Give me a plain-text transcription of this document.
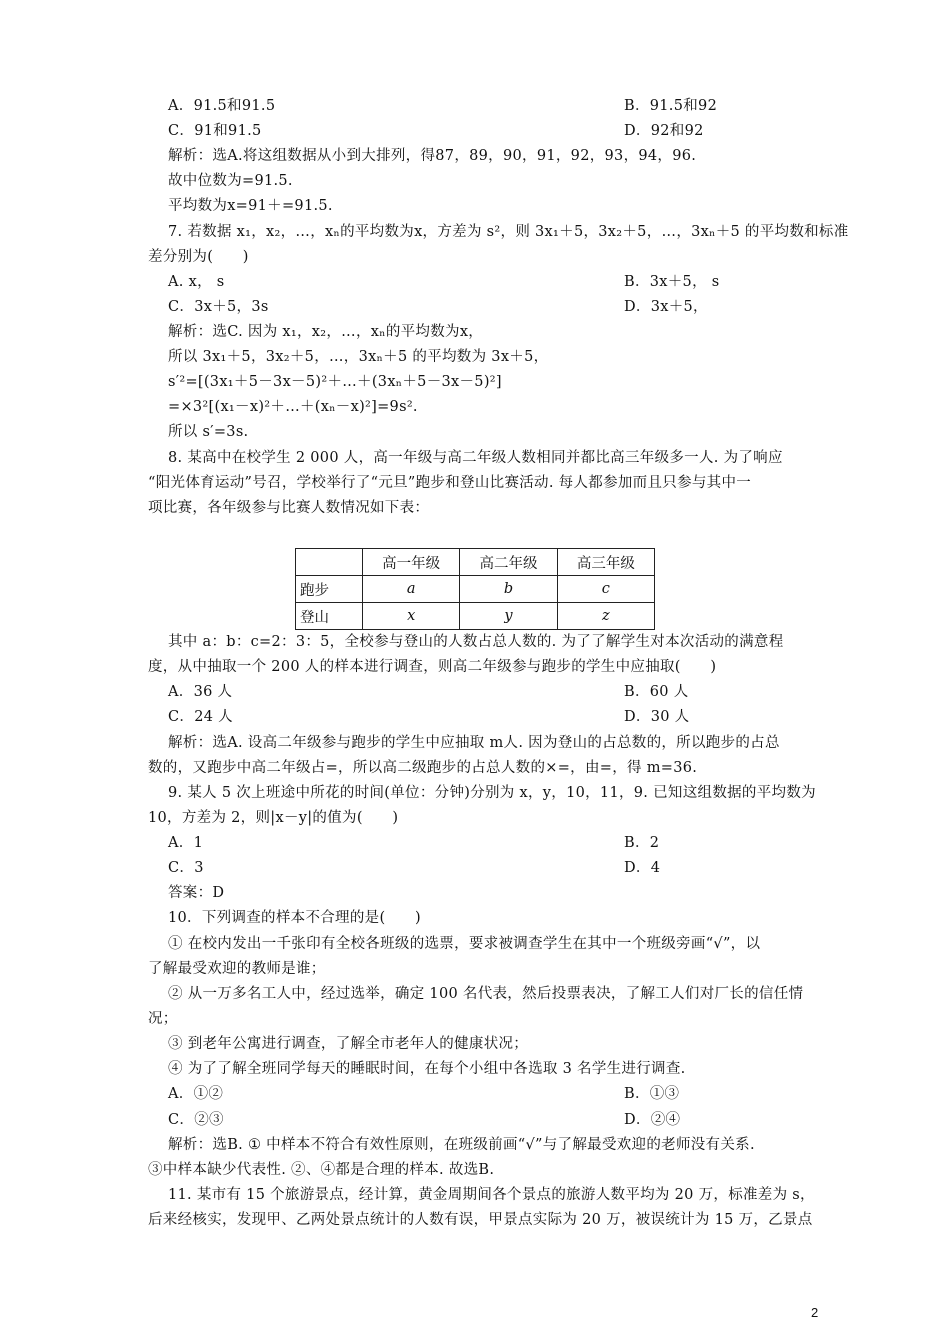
A．91.5和91.5	B．91.5和92
C．91和91.5	D．92和92
解析：选A.将这组数据从小到大排列，得87，89，90，91，92，93，94，96.
故中位数为=91.5.
平均数为x=91＋=91.5.
7. 若数据 x₁，x₂，…，xₙ的平均数为x，方差为 s²，则 3x₁＋5，3x₂＋5，…，3xₙ＋5 的平均数和标准
差分别为(　　)
A. x， s	B．3x＋5， s
C．3x＋5，3s	D．3x＋5，
解析：选C. 因为 x₁，x₂，…，xₙ的平均数为x，
所以 3x₁＋5，3x₂＋5，…，3xₙ＋5 的平均数为 3x＋5，
s′²=[(3x₁＋5－3x－5)²＋…＋(3xₙ＋5－3x－5)²]
=×3²[(x₁－x)²＋…＋(xₙ－x)²]=9s².
所以 s′=3s.
8. 某高中在校学生 2 000 人，高一年级与高二年级人数相同并都比高三年级多一人. 为了响应
“阳光体育运动”号召，学校举行了“元旦”跑步和登山比赛活动. 每人都参加而且只参与其中一
项比赛，各年级参与比赛人数情况如下表：
	高一年级	高二年级	高三年级
跑步	a	b	c
登山	x	y	z
其中 a：b：c=2：3：5，全校参与登山的人数占总人数的. 为了了解学生对本次活动的满意程
度，从中抽取一个 200 人的样本进行调查，则高二年级参与跑步的学生中应抽取(　　)
A．36 人	B．60 人
C．24 人	D．30 人
解析：选A. 设高二年级参与跑步的学生中应抽取 m人. 因为登山的占总数的，所以跑步的占总
数的，又跑步中高二年级占=，所以高二级跑步的占总人数的×=，由=，得 m=36.
9. 某人 5 次上班途中所花的时间(单位：分钟)分别为 x，y，10，11，9. 已知这组数据的平均数为
10，方差为 2，则|x－y|的值为(　　)
A．1	B．2
C．3	D．4
答案：D
10．下列调查的样本不合理的是(　　)
① 在校内发出一千张印有全校各班级的选票，要求被调查学生在其中一个班级旁画“√”，以
了解最受欢迎的教师是谁；
② 从一万多名工人中，经过选举，确定 100 名代表，然后投票表决，了解工人们对厂长的信任情
况；
③ 到老年公寓进行调查，了解全市老年人的健康状况；
④ 为了了解全班同学每天的睡眠时间，在每个小组中各选取 3 名学生进行调查.
A．①②	B．①③
C．②③	D．②④
解析：选B. ① 中样本不符合有效性原则，在班级前画“√”与了解最受欢迎的老师没有关系.
③中样本缺少代表性. ②、④都是合理的样本. 故选B.
11. 某市有 15 个旅游景点，经计算，黄金周期间各个景点的旅游人数平均为 20 万，标准差为 s，
后来经核实，发现甲、乙两处景点统计的人数有误，甲景点实际为 20 万，被误统计为 15 万，乙景点
2
